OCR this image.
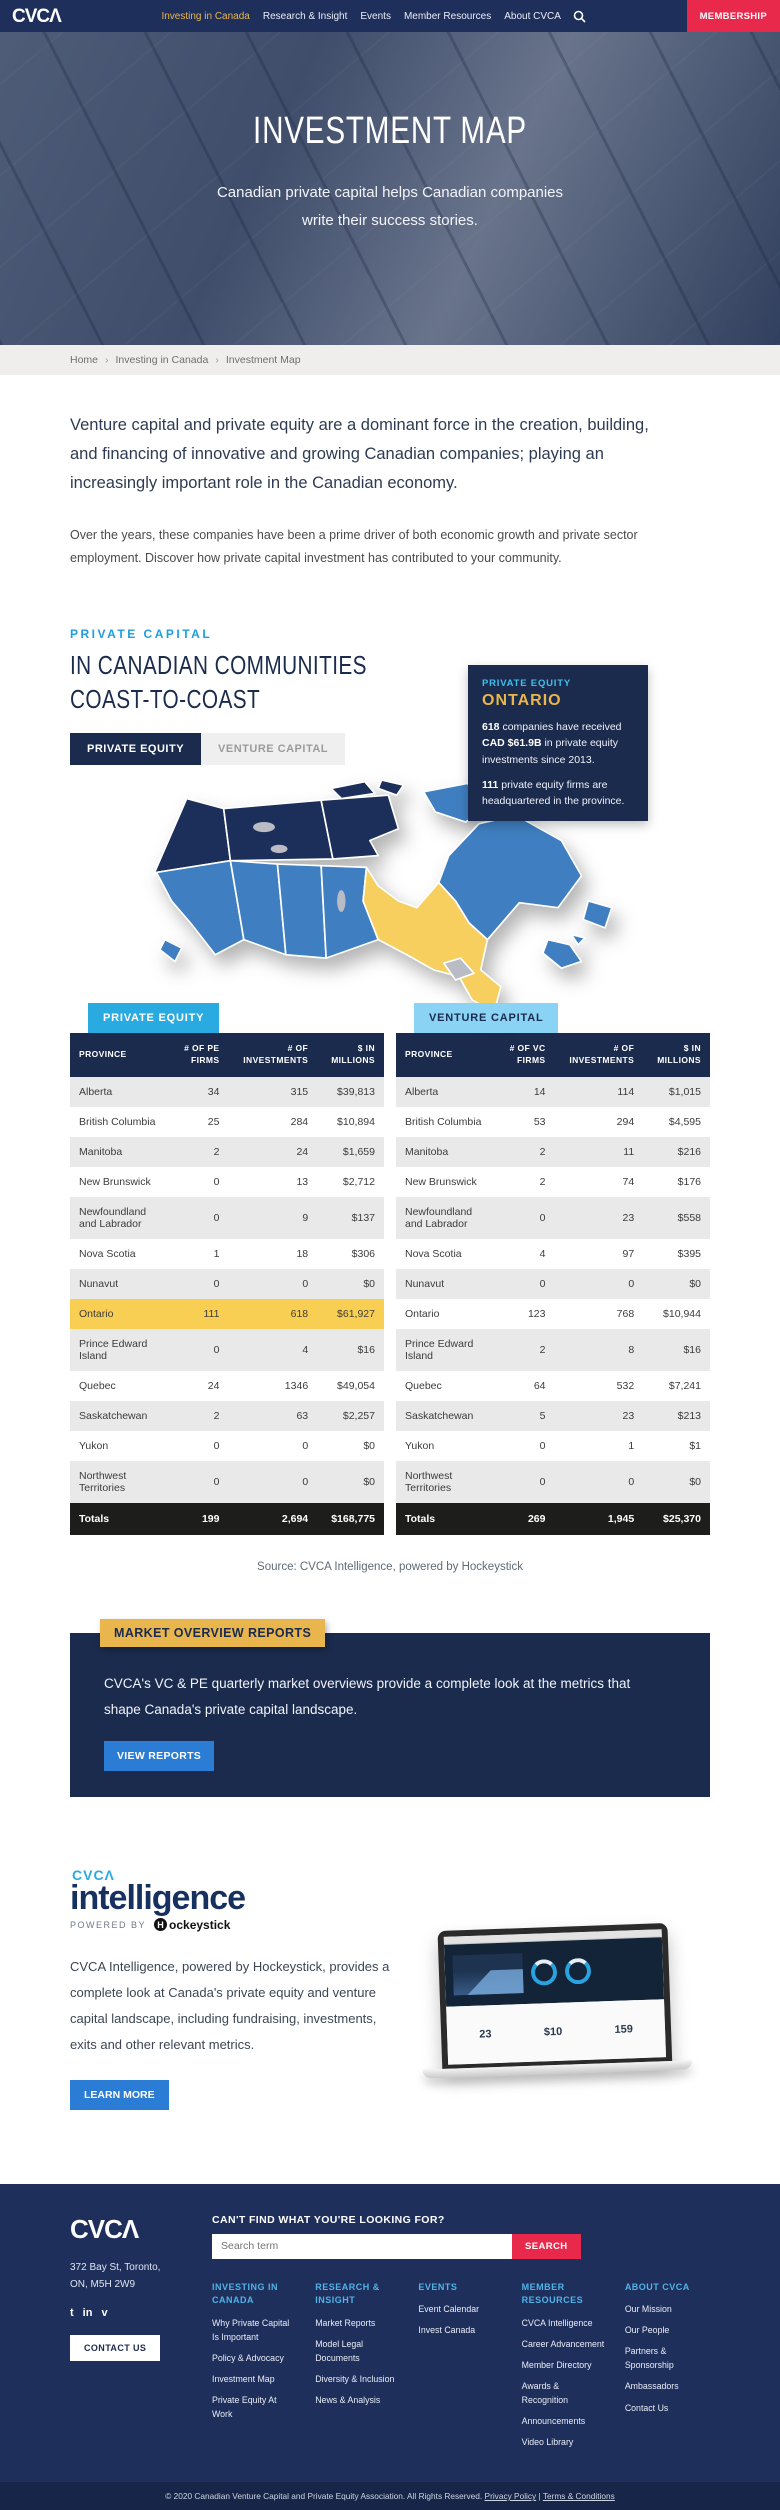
CVCΛ	Investing in Canada Research & Insight Events Member Resources About CVCA	MEMBERSHIP
INVESTMENT MAP
Canadian private capital helps Canadian companies
write their success stories.
Home › Investing in Canada › Investment Map

Venture capital and private equity are a dominant force in the creation, building, and financing of innovative and growing Canadian companies; playing an increasingly important role in the Canadian economy.

Over the years, these companies have been a prime driver of both economic growth and private sector employment. Discover how private capital investment has contributed to your community.

PRIVATE CAPITAL
IN CANADIAN COMMUNITIES
COAST-TO-COAST
PRIVATE EQUITY	VENTURE CAPITAL
PRIVATE EQUITY
ONTARIO

618 companies have received CAD $61.9B in private equity investments since 2013.

111 private equity firms are headquartered in the province.

PRIVATE EQUITY
PROVINCE	# OF PE FIRMS	# OF INVESTMENTS	$ IN MILLIONS
Alberta	34	315	$39,813
British Columbia	25	284	$10,894
Manitoba	2	24	$1,659
New Brunswick	0	13	$2,712
Newfoundland and Labrador	0	9	$137
Nova Scotia	1	18	$306
Nunavut	0	0	$0
Ontario	111	618	$61,927
Prince Edward Island	0	4	$16
Quebec	24	1346	$49,054
Saskatchewan	2	63	$2,257
Yukon	0	0	$0
Northwest Territories	0	0	$0
Totals	199	2,694	$168,775
VENTURE CAPITAL
PROVINCE	# OF VC FIRMS	# OF INVESTMENTS	$ IN MILLIONS
Alberta	14	114	$1,015
British Columbia	53	294	$4,595
Manitoba	2	11	$216
New Brunswick	2	74	$176
Newfoundland and Labrador	0	23	$558
Nova Scotia	4	97	$395
Nunavut	0	0	$0
Ontario	123	768	$10,944
Prince Edward Island	2	8	$16
Quebec	64	532	$7,241
Saskatchewan	5	23	$213
Yukon	0	1	$1
Northwest Territories	0	0	$0
Totals	269	1,945	$25,370

Source: CVCA Intelligence, powered by Hockeystick

MARKET OVERVIEW REPORTS

CVCA's VC & PE quarterly market overviews provide a complete look at the metrics that shape Canada's private capital landscape.

VIEW REPORTS
CVCΛ
intelligence
POWERED BY	H ockeystick

CVCA Intelligence, powered by Hockeystick, provides a complete look at Canada's private equity and venture capital landscape, including fundraising, investments, exits and other relevant metrics.

LEARN MORE
23	$10	159
CVCΛ
372 Bay St, Toronto,
ON, M5H 2W9
t in v
CONTACT US
CAN'T FIND WHAT YOU'RE LOOKING FOR?
Search term
SEARCH
INVESTING IN CANADA
Why Private Capital Is Important
Policy & Advocacy
Investment Map
Private Equity At Work
RESEARCH & INSIGHT
Market Reports
Model Legal Documents
Diversity & Inclusion
News & Analysis
EVENTS
Event Calendar
Invest Canada
MEMBER RESOURCES
CVCA Intelligence
Career Advancement
Member Directory
Awards & Recognition
Announcements
Video Library
ABOUT CVCA
Our Mission
Our People
Partners & Sponsorship
Ambassadors
Contact Us
© 2020 Canadian Venture Capital and Private Equity Association. All Rights Reserved. Privacy Policy | Terms & Conditions
